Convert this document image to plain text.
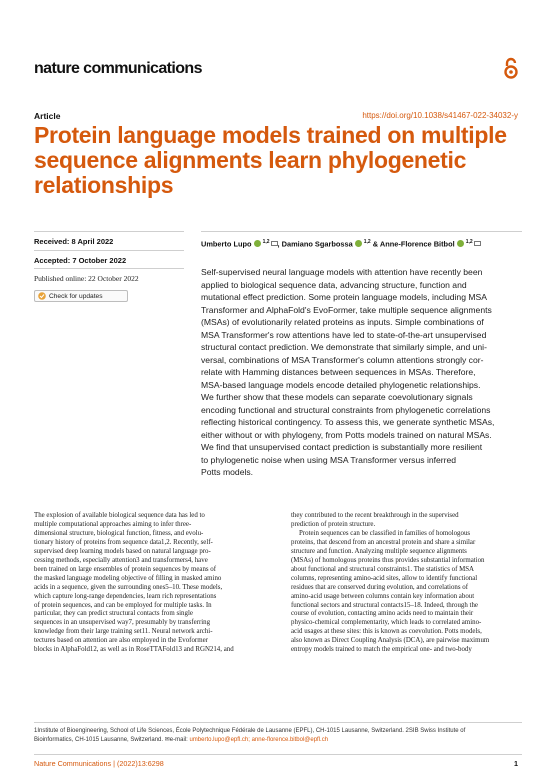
nature communications
Article	https://doi.org/10.1038/s41467-022-34032-y
Protein language models trained on multiple
sequence alignments learn phylogenetic
relationships
Received: 8 April 2022
Accepted: 7 October 2022
Published online: 22 October 2022
Check for updates
Umberto Lupo $^{1,2}$ , Damiano Sgarbossa $^{1,2}$ & Anne-Florence Bitbol $^{1,2}$
Self-supervised neural language models with attention have recently been
applied to biological sequence data, advancing structure, function and
mutational effect prediction. Some protein language models, including MSA
Transformer and AlphaFold's EvoFormer, take multiple sequence alignments
(MSAs) of evolutionarily related proteins as inputs. Simple combinations of
MSA Transformer's row attentions have led to state-of-the-art unsupervised
structural contact prediction. We demonstrate that similarly simple, and uni-
versal, combinations of MSA Transformer's column attentions strongly cor-
relate with Hamming distances between sequences in MSAs. Therefore,
MSA-based language models encode detailed phylogenetic relationships.
We further show that these models can separate coevolutionary signals
encoding functional and structural constraints from phylogenetic correlations
reflecting historical contingency. To assess this, we generate synthetic MSAs,
either without or with phylogeny, from Potts models trained on natural MSAs.
We find that unsupervised contact prediction is substantially more resilient
to phylogenetic noise when using MSA Transformer versus inferred
Potts models.
The explosion of available biological sequence data has led to
multiple computational approaches aiming to infer three-
dimensional structure, biological function, fitness, and evolu-
tionary history of proteins from sequence data1,2. Recently, self-
supervised deep learning models based on natural language pro-
cessing methods, especially attention3 and transformers4, have
been trained on large ensembles of protein sequences by means of
the masked language modeling objective of filling in masked amino
acids in a sequence, given the surrounding ones5–10. These models,
which capture long-range dependencies, learn rich representations
of protein sequences, and can be employed for multiple tasks. In
particular, they can predict structural contacts from single
sequences in an unsupervised way7, presumably by transferring
knowledge from their large training set11. Neural network archi-
tectures based on attention are also employed in the Evoformer
blocks in AlphaFold12, as well as in RoseTTAFold13 and RGN214, and
they contributed to the recent breakthrough in the supervised
prediction of protein structure.
Protein sequences can be classified in families of homologous
proteins, that descend from an ancestral protein and share a similar
structure and function. Analyzing multiple sequence alignments
(MSAs) of homologous proteins thus provides substantial information
about functional and structural constraints1. The statistics of MSA
columns, representing amino-acid sites, allow to identify functional
residues that are conserved during evolution, and correlations of
amino-acid usage between columns contain key information about
functional sectors and structural contacts15–18. Indeed, through the
course of evolution, contacting amino acids need to maintain their
physico-chemical complementarity, which leads to correlated amino-
acid usages at these sites: this is known as coevolution. Potts models,
also known as Direct Coupling Analysis (DCA), are pairwise maximum
entropy models trained to match the empirical one- and two-body
1Institute of Bioengineering, School of Life Sciences, École Polytechnique Fédérale de Lausanne (EPFL), CH-1015 Lausanne, Switzerland. 2SIB Swiss Institute of
Bioinformatics, CH-1015 Lausanne, Switzerland. ✉e-mail: umberto.lupo@epfl.ch; anne-florence.bitbol@epfl.ch
Nature Communications | (2022)13:6298	1
